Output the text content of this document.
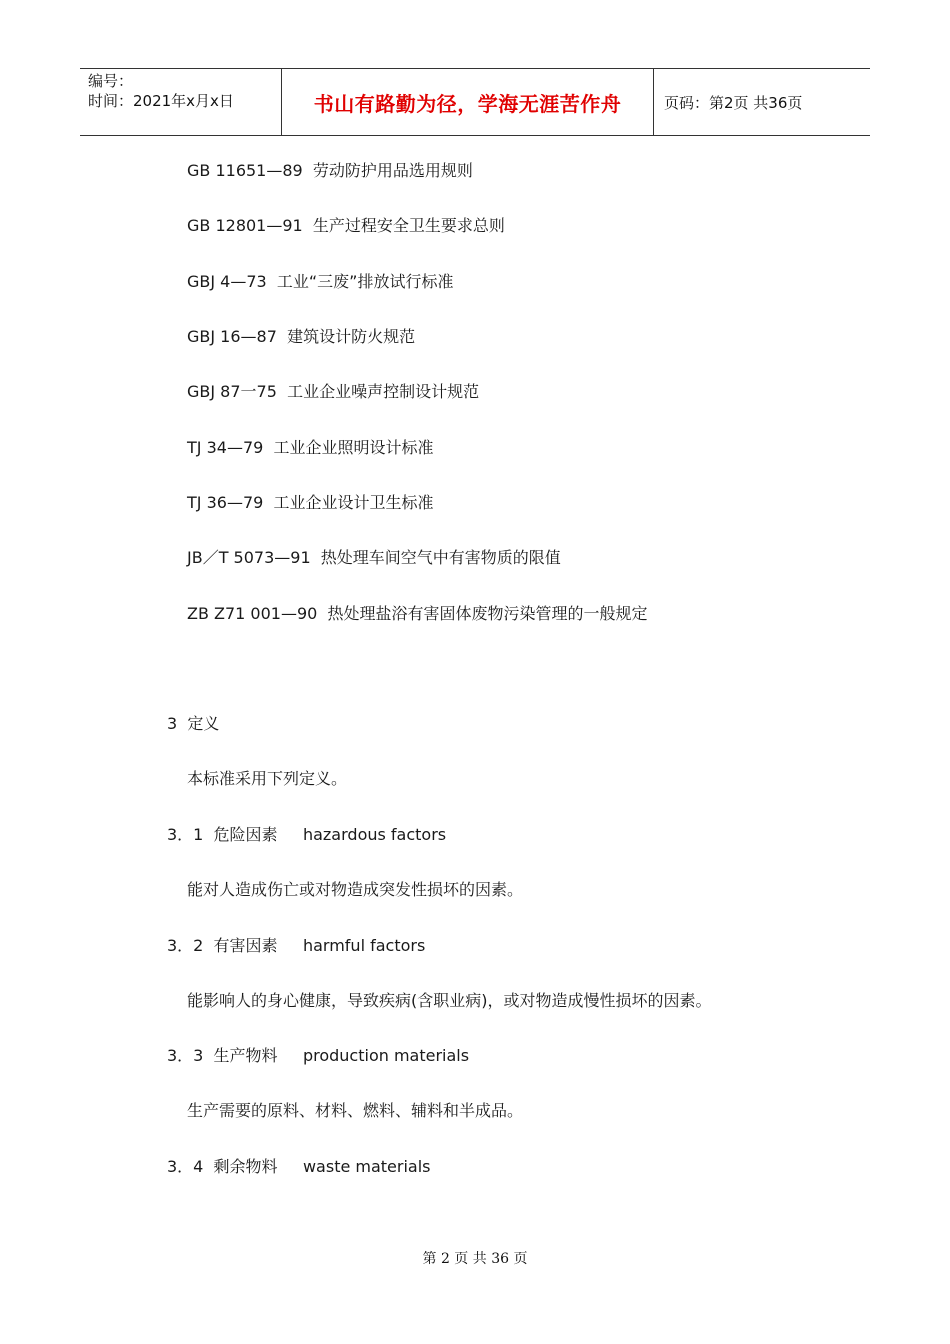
编号：
时间：2021年x月x日	书山有路勤为径，学海无涯苦作舟	页码：第2页 共36页
GB 11651—89  劳动防护用品选用规则
GB 12801—91  生产过程安全卫生要求总则
GBJ 4—73  工业“三废”排放试行标准
GBJ 16—87  建筑设计防火规范
GBJ 87一75  工业企业噪声控制设计规范
TJ 34—79  工业企业照明设计标准
TJ 36—79  工业企业设计卫生标准
JB／T 5073—91  热处理车间空气中有害物质的限值
ZB Z71 001—90  热处理盐浴有害固体废物污染管理的一般规定
3  定义
本标准采用下列定义。
3．1  危险因素     hazardous factors
能对人造成伤亡或对物造成突发性损坏的因素。
3．2  有害因素     harmful factors
能影响人的身心健康，导致疾病(含职业病)，或对物造成慢性损坏的因素。
3．3  生产物料     production materials
生产需要的原料、材料、燃料、辅料和半成品。
3．4  剩余物料     waste materials
第 2 页 共 36 页
